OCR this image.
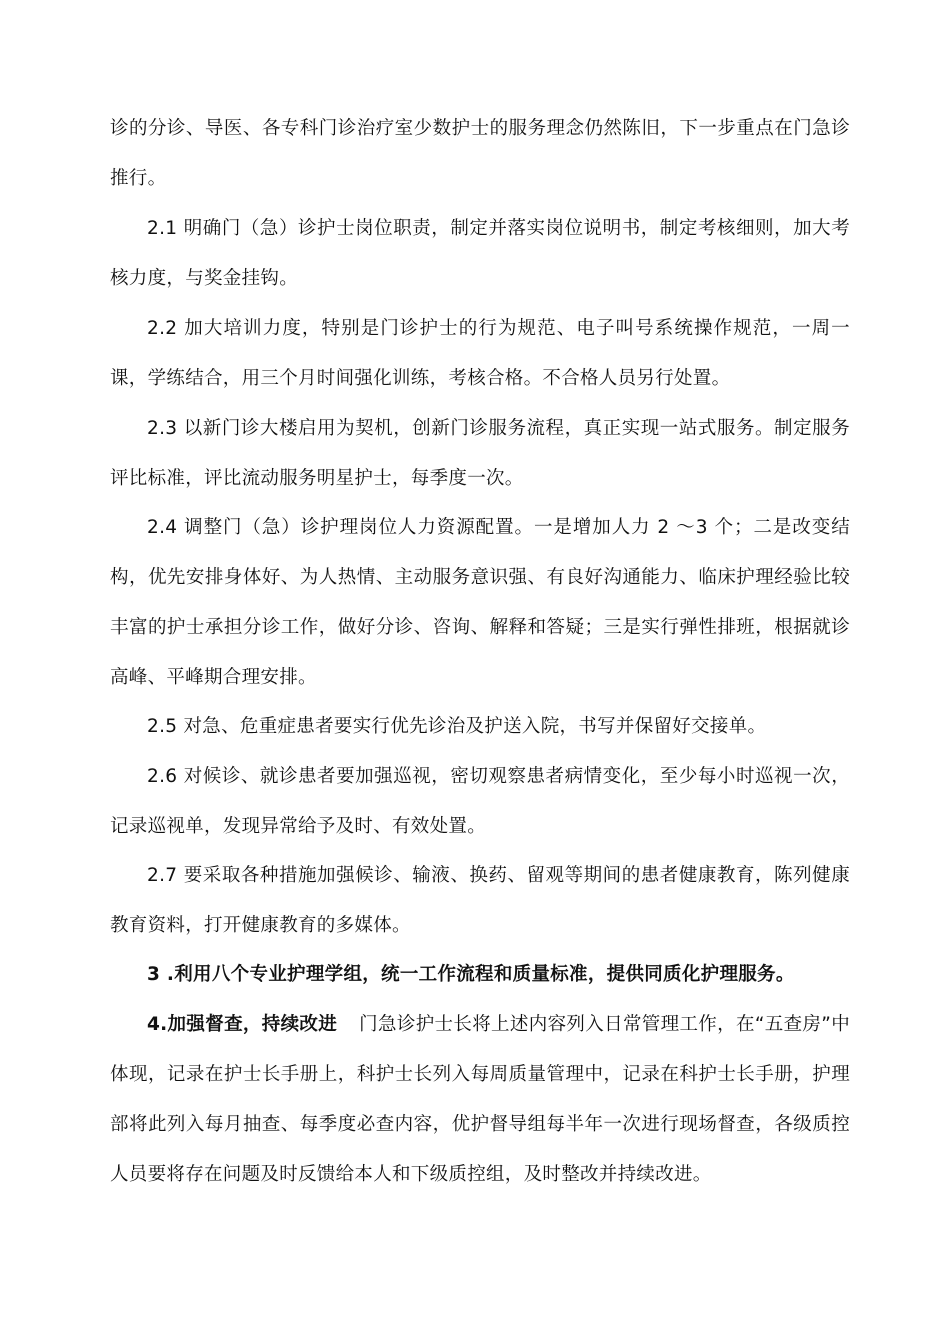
诊的分诊、导医、各专科门诊治疗室少数护士的服务理念仍然陈旧，下一步重点在门急诊推行。

2.1 明确门（急）诊护士岗位职责，制定并落实岗位说明书，制定考核细则，加大考核力度，与奖金挂钩。

2.2 加大培训力度，特别是门诊护士的行为规范、电子叫号系统操作规范，一周一课，学练结合，用三个月时间强化训练，考核合格。不合格人员另行处置。

2.3 以新门诊大楼启用为契机，创新门诊服务流程，真正实现一站式服务。制定服务评比标准，评比流动服务明星护士，每季度一次。

2.4 调整门（急）诊护理岗位人力资源配置。一是增加人力 2 ～3 个；二是改变结构，优先安排身体好、为人热情、主动服务意识强、有良好沟通能力、临床护理经验比较丰富的护士承担分诊工作，做好分诊、咨询、解释和答疑；三是实行弹性排班，根据就诊高峰、平峰期合理安排。

2.5 对急、危重症患者要实行优先诊治及护送入院，书写并保留好交接单。

2.6 对候诊、就诊患者要加强巡视，密切观察患者病情变化，至少每小时巡视一次，记录巡视单，发现异常给予及时、有效处置。

2.7 要采取各种措施加强候诊、输液、换药、留观等期间的患者健康教育，陈列健康教育资料，打开健康教育的多媒体。

3 .利用八个专业护理学组，统一工作流程和质量标准，提供同质化护理服务。

4.加强督查，持续改进 门急诊护士长将上述内容列入日常管理工作，在“五查房”中体现，记录在护士长手册上，科护士长列入每周质量管理中，记录在科护士长手册，护理部将此列入每月抽查、每季度必查内容，优护督导组每半年一次进行现场督查，各级质控人员要将存在问题及时反馈给本人和下级质控组，及时整改并持续改进。
